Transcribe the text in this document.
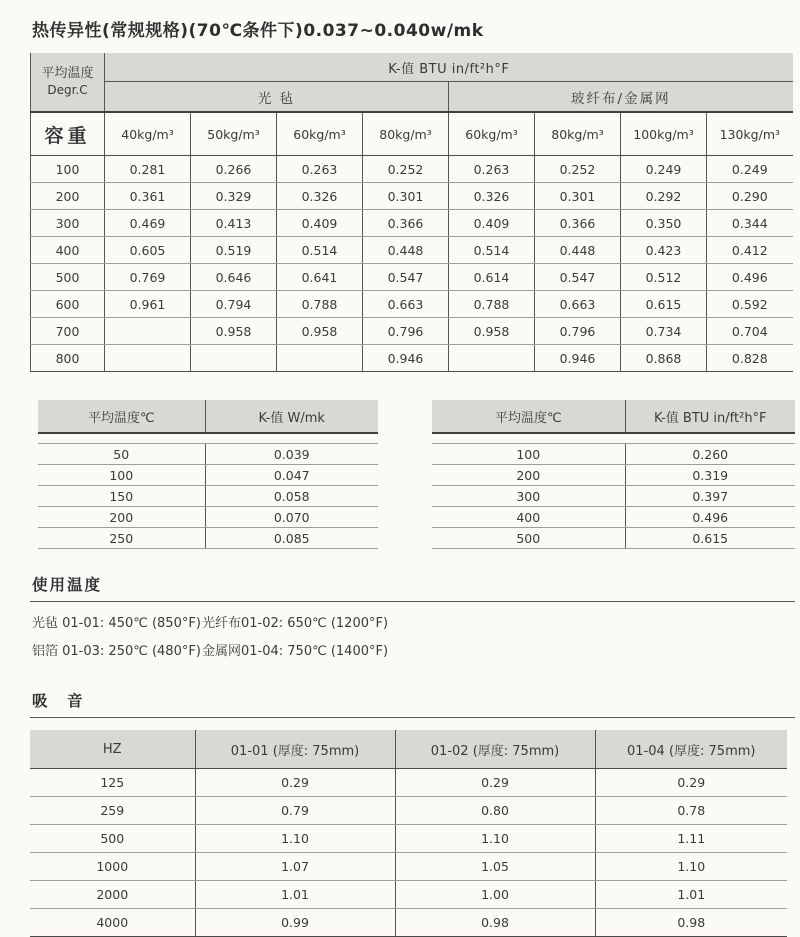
热传异性(常规规格)(70℃条件下)0.037~0.040w/mk
平均温度
Degr.C	K-值 BTU in/ft²h°F							
	光 毡				玻纤布/金属网			
容重	40kg/m³	50kg/m³	60kg/m³	80kg/m³	60kg/m³	80kg/m³	100kg/m³	130kg/m³
100	0.281	0.266	0.263	0.252	0.263	0.252	0.249	0.249
200	0.361	0.329	0.326	0.301	0.326	0.301	0.292	0.290
300	0.469	0.413	0.409	0.366	0.409	0.366	0.350	0.344
400	0.605	0.519	0.514	0.448	0.514	0.448	0.423	0.412
500	0.769	0.646	0.641	0.547	0.614	0.547	0.512	0.496
600	0.961	0.794	0.788	0.663	0.788	0.663	0.615	0.592
700		0.958	0.958	0.796	0.958	0.796	0.734	0.704
800				0.946		0.946	0.868	0.828
平均温度℃	K-值 W/mk

50	0.039
100	0.047
150	0.058
200	0.070
250	0.085
平均温度℃	K-值 BTU in/ft²h°F

100	0.260
200	0.319
300	0.397
400	0.496
500	0.615
使用温度
光毡 01-01: 450℃ (850°F) 光纤布01-02: 650℃ (1200°F)
铝箔 01-03: 250℃ (480°F) 金属网01-04: 750℃ (1400°F)
吸　音
HZ	01-01 (厚度: 75mm)	01-02 (厚度: 75mm)	01-04 (厚度: 75mm)
125	0.29	0.29	0.29
259	0.79	0.80	0.78
500	1.10	1.10	1.11
1000	1.07	1.05	1.10
2000	1.01	1.00	1.01
4000	0.99	0.98	0.98
